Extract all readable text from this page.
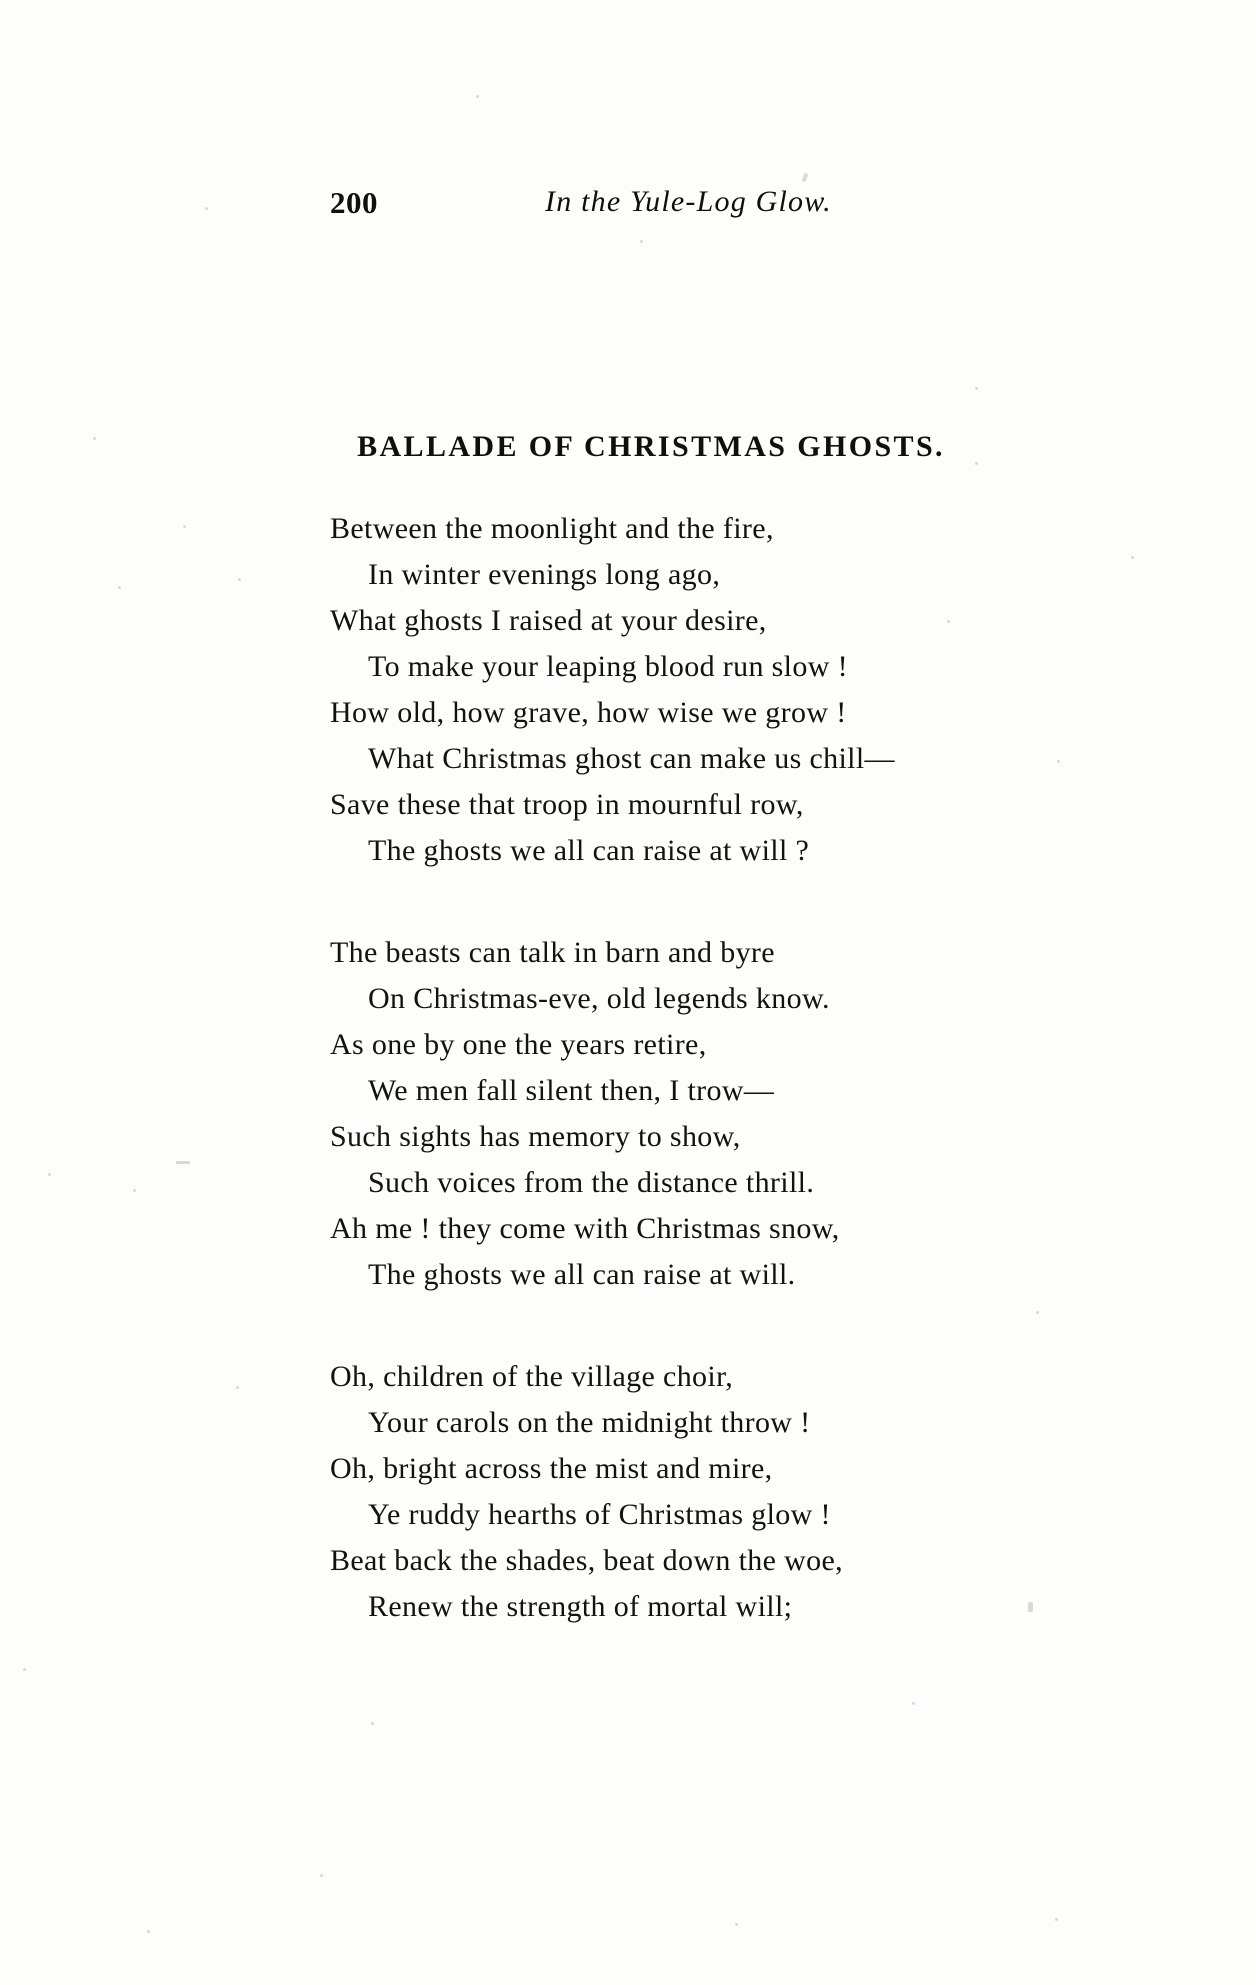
200	In the Yule-Log Glow.
BALLADE OF CHRISTMAS GHOSTS.
Between the moonlight and the fire,
In winter evenings long ago,
What ghosts I raised at your desire,
To make your leaping blood run slow !
How old, how grave, how wise we grow !
What Christmas ghost can make us chill—
Save these that troop in mournful row,
The ghosts we all can raise at will ?
The beasts can talk in barn and byre
On Christmas-eve, old legends know.
As one by one the years retire,
We men fall silent then, I trow—
Such sights has memory to show,
Such voices from the distance thrill.
Ah me ! they come with Christmas snow,
The ghosts we all can raise at will.
Oh, children of the village choir,
Your carols on the midnight throw !
Oh, bright across the mist and mire,
Ye ruddy hearths of Christmas glow !
Beat back the shades, beat down the woe,
Renew the strength of mortal will;
